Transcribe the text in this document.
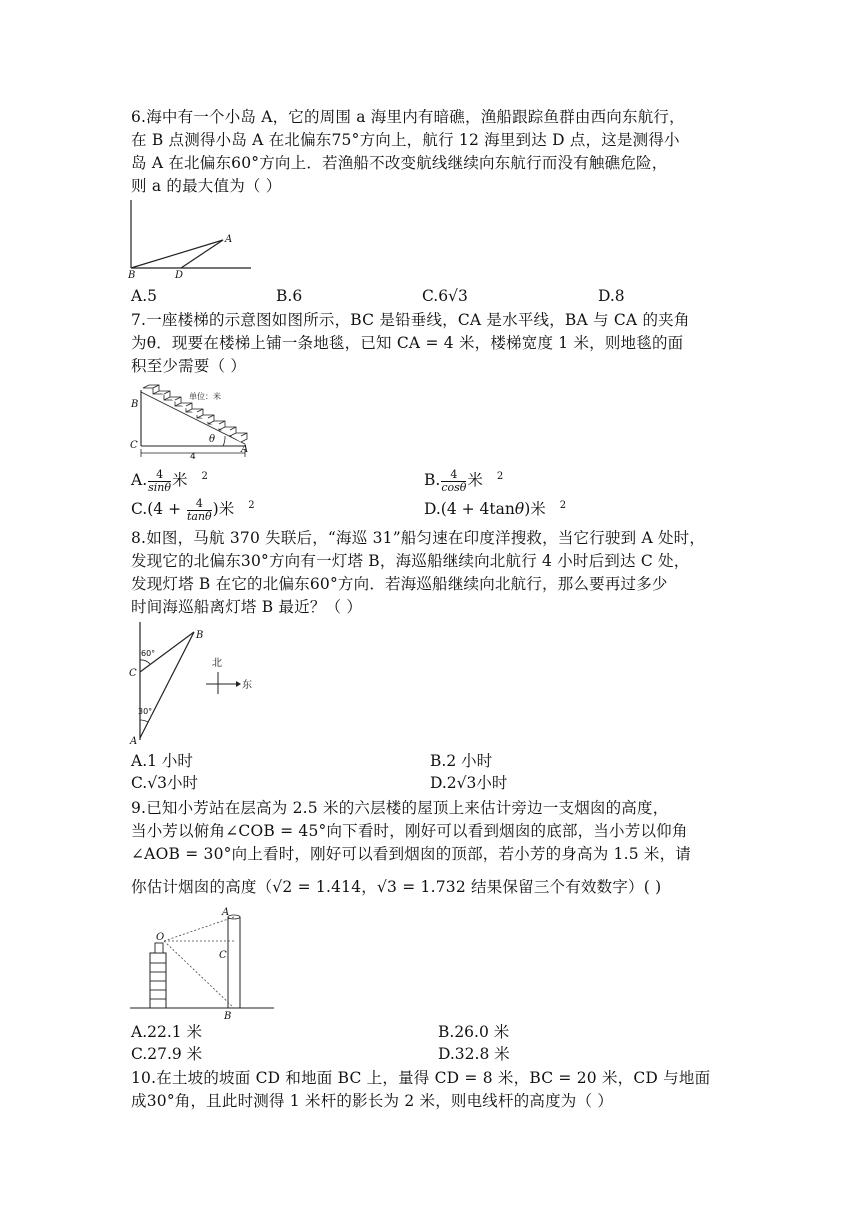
6.海中有一个小岛 A，它的周围 a 海里内有暗礁，渔船跟踪鱼群由西向东航行，
在 B 点测得小岛 A 在北偏东75°方向上，航行 12 海里到达 D 点，这是测得小
岛 A 在北偏东60°方向上．若渔船不改变航线继续向东航行而没有触礁危险，
则 a 的最大值为（ ）
A
B	D
A.5	B.6	C.6√3	D.8
7.一座楼梯的示意图如图所示，BC 是铅垂线，CA 是水平线，BA 与 CA 的夹角
为θ．现要在楼梯上铺一条地毯，已知 CA = 4 米，楼梯宽度 1 米，则地毯的面
积至少需要（ ）
单位：米
B
C	A
θ
4
A. $\frac{4}{\sin\theta}$ 米 $^2$	B. $\frac{4}{\cos\theta}$ 米 $^2$
$C.(4 + \frac{4}{\tan\theta}$ )米 $^2$	D.(4 + 4tanθ)米 $^2$
8.如图，马航 370 失联后，“海巡 31”船匀速在印度洋搜救，当它行驶到 A 处时，
发现它的北偏东30°方向有一灯塔 B，海巡船继续向北航行 4 小时后到达 C 处，
发现灯塔 B 在它的北偏东60°方向．若海巡船继续向北航行，那么要再过多少
时间海巡船离灯塔 B 最近？（ ）
B
C
A
60°
30°
北
东
A.1 小时	B.2 小时
C.√3小时	D.2√3小时
9.已知小芳站在层高为 2.5 米的六层楼的屋顶上来估计旁边一支烟囱的高度，
当小芳以俯角∠COB = 45°向下看时，刚好可以看到烟囱的底部，当小芳以仰角
∠AOB = 30°向上看时，刚好可以看到烟囱的顶部，若小芳的身高为 1.5 米，请
你估计烟囱的高度（√2 = 1.414，√3 = 1.732 结果保留三个有效数字）( )
A
O
C
B
A.22.1 米	B.26.0 米
C.27.9 米	D.32.8 米
10.在土坡的坡面 CD 和地面 BC 上，量得 CD = 8 米，BC = 20 米，CD 与地面
成30°角，且此时测得 1 米杆的影长为 2 米，则电线杆的高度为（ ）
